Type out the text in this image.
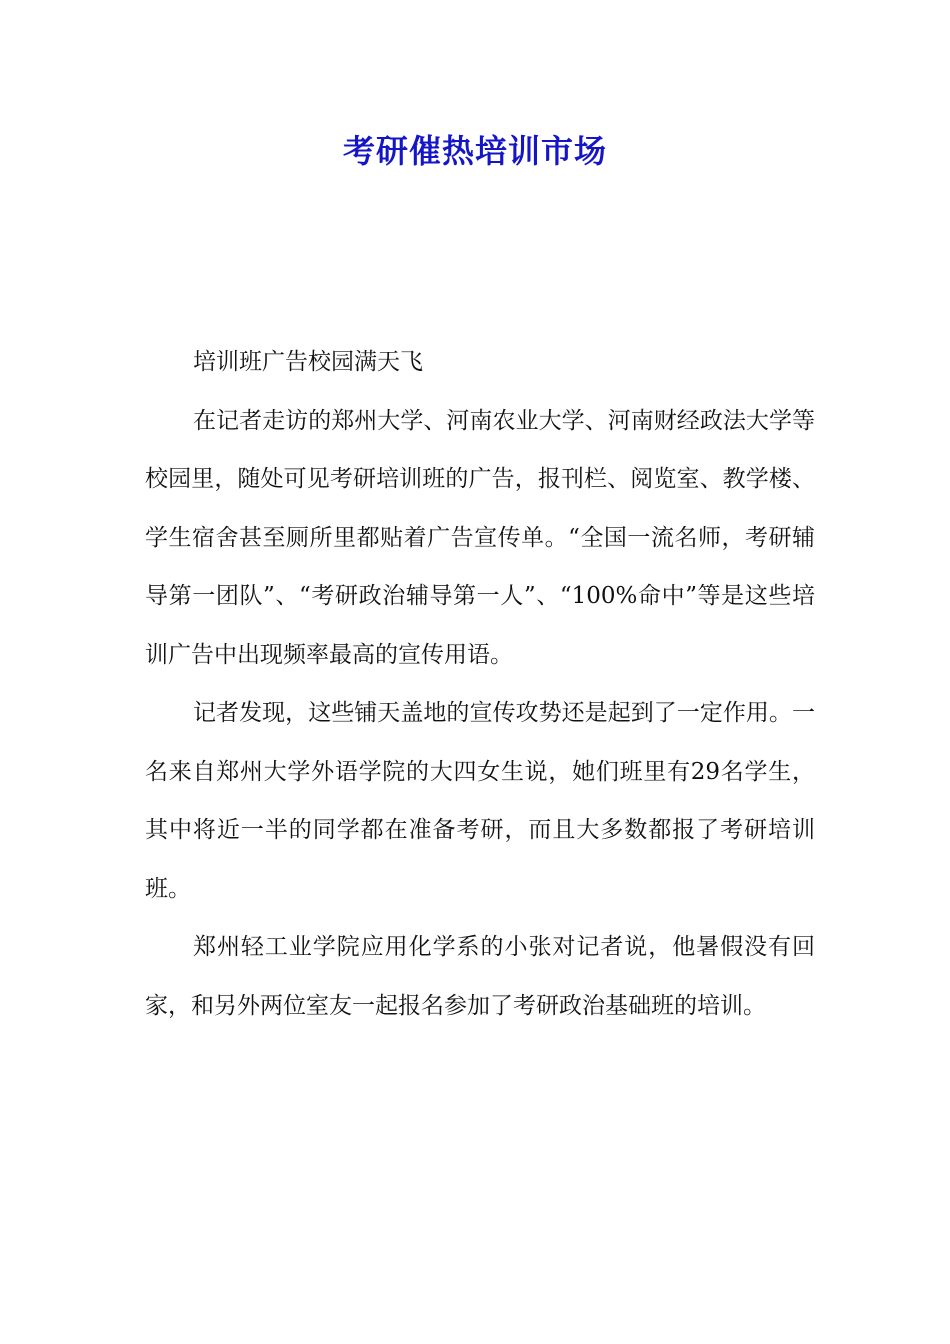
考研催热培训市场

培训班广告校园满天飞

在记者走访的郑州大学、河南农业大学、河南财经政法大学等校园里，随处可见考研培训班的广告，报刊栏、阅览室、教学楼、学生宿舍甚至厕所里都贴着广告宣传单。“全国一流名师，考研辅导第一团队”、“考研政治辅导第一人”、“100%命中”等是这些培训广告中出现频率最高的宣传用语。

记者发现，这些铺天盖地的宣传攻势还是起到了一定作用。一名来自郑州大学外语学院的大四女生说，她们班里有29名学生，其中将近一半的同学都在准备考研，而且大多数都报了考研培训班。

郑州轻工业学院应用化学系的小张对记者说，他暑假没有回家，和另外两位室友一起报名参加了考研政治基础班的培训。
